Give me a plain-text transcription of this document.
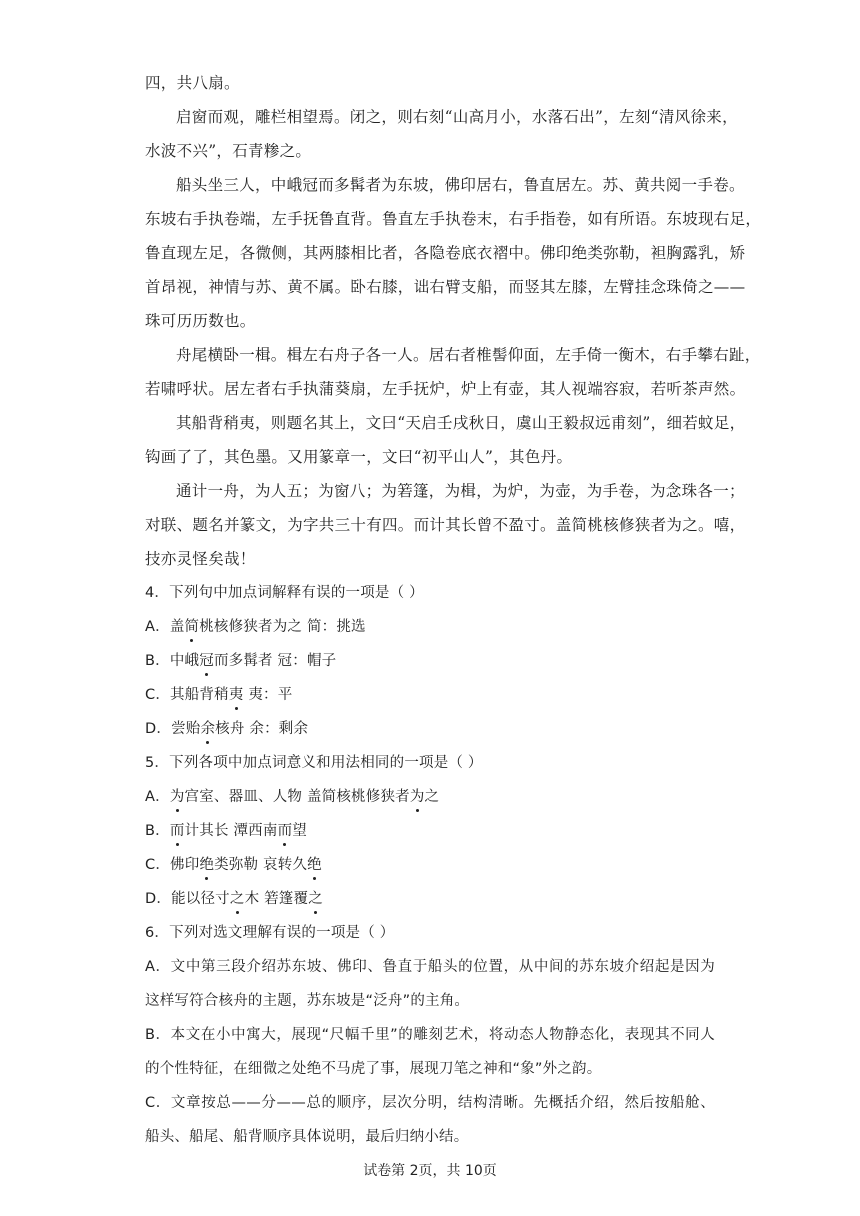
四，共八扇。
启窗而观，雕栏相望焉。闭之，则右刻“山高月小，水落石出”，左刻“清风徐来，
水波不兴”，石青糁之。
船头坐三人，中峨冠而多髯者为东坡，佛印居右，鲁直居左。苏、黄共阅一手卷。
东坡右手执卷端，左手抚鲁直背。鲁直左手执卷末，右手指卷，如有所语。东坡现右足，
鲁直现左足，各微侧，其两膝相比者，各隐卷底衣褶中。佛印绝类弥勒，袒胸露乳，矫
首昂视，神情与苏、黄不属。卧右膝，诎右臂支船，而竖其左膝，左臂挂念珠倚之——
珠可历历数也。
舟尾横卧一楫。楫左右舟子各一人。居右者椎髻仰面，左手倚一衡木，右手攀右趾，
若啸呼状。居左者右手执蒲葵扇，左手抚炉，炉上有壶，其人视端容寂，若听茶声然。
其船背稍夷，则题名其上，文曰“天启壬戌秋日，虞山王毅叔远甫刻”，细若蚊足，
钩画了了，其色墨。又用篆章一，文曰“初平山人”，其色丹。
通计一舟，为人五；为窗八；为箬篷，为楫，为炉，为壶，为手卷，为念珠各一；
对联、题名并篆文，为字共三十有四。而计其长曾不盈寸。盖简桃核修狭者为之。嘻，
技亦灵怪矣哉！
4．下列句中加点词解释有误的一项是（ ）
A．盖简桃核修狭者为之 简：挑选
B．中峨冠而多髯者 冠：帽子
C．其船背稍夷 夷：平
D．尝贻余核舟 余：剩余
5．下列各项中加点词意义和用法相同的一项是（ ）
A．为宫室、器皿、人物 盖简核桃修狭者为之
B．而计其长 潭西南而望
C．佛印绝类弥勒 哀转久绝
D．能以径寸之木 箬篷覆之
6．下列对选文理解有误的一项是（ ）
A．文中第三段介绍苏东坡、佛印、鲁直于船头的位置，从中间的苏东坡介绍起是因为
这样写符合核舟的主题，苏东坡是“泛舟”的主角。
B．本文在小中寓大，展现“尺幅千里”的雕刻艺术，将动态人物静态化，表现其不同人
的个性特征，在细微之处绝不马虎了事，展现刀笔之神和“象”外之韵。
C．文章按总——分——总的顺序，层次分明，结构清晰。先概括介绍，然后按船舱、
船头、船尾、船背顺序具体说明，最后归纳小结。
试卷第 2页，共 10页
